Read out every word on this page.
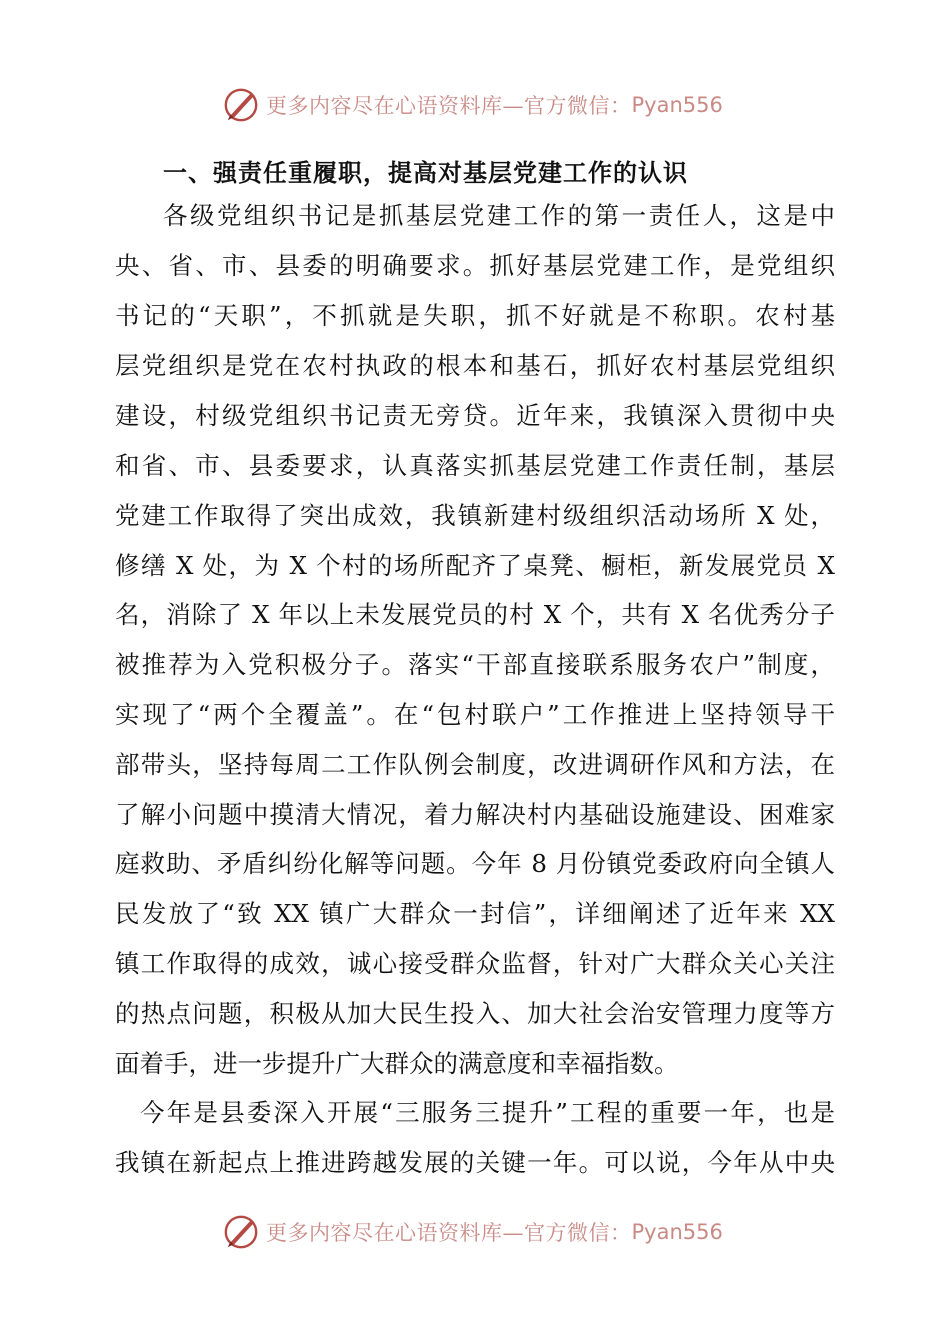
更多内容尽在心语资料库—官方微信： Pyan556
一、强责任重履职，提高对基层党建工作的认识
各级党组织书记是抓基层党建工作的第一责任人，这是中
央、省、市、县委的明确要求。抓好基层党建工作，是党组织
书记的“天职”，不抓就是失职，抓不好就是不称职。农村基
层党组织是党在农村执政的根本和基石，抓好农村基层党组织
建设，村级党组织书记责无旁贷。近年来，我镇深入贯彻中央
和省、市、县委要求，认真落实抓基层党建工作责任制，基层
党建工作取得了突出成效，我镇新建村级组织活动场所 X 处，
修缮 X 处，为 X 个村的场所配齐了桌凳、橱柜，新发展党员 X
名，消除了 X 年以上未发展党员的村 X 个，共有 X 名优秀分子
被推荐为入党积极分子。落实“干部直接联系服务农户”制度，
实现了“两个全覆盖”。在“包村联户”工作推进上坚持领导干
部带头，坚持每周二工作队例会制度，改进调研作风和方法，在
了解小问题中摸清大情况，着力解决村内基础设施建设、困难家
庭救助、矛盾纠纷化解等问题。今年 8 月份镇党委政府向全镇人
民发放了“致 XX 镇广大群众一封信”，详细阐述了近年来 XX
镇工作取得的成效，诚心接受群众监督，针对广大群众关心关注
的热点问题，积极从加大民生投入、加大社会治安管理力度等方
面着手，进一步提升广大群众的满意度和幸福指数。
今年是县委深入开展“三服务三提升”工程的重要一年，也是
我镇在新起点上推进跨越发展的关键一年。可以说，今年从中央
更多内容尽在心语资料库—官方微信： Pyan556
